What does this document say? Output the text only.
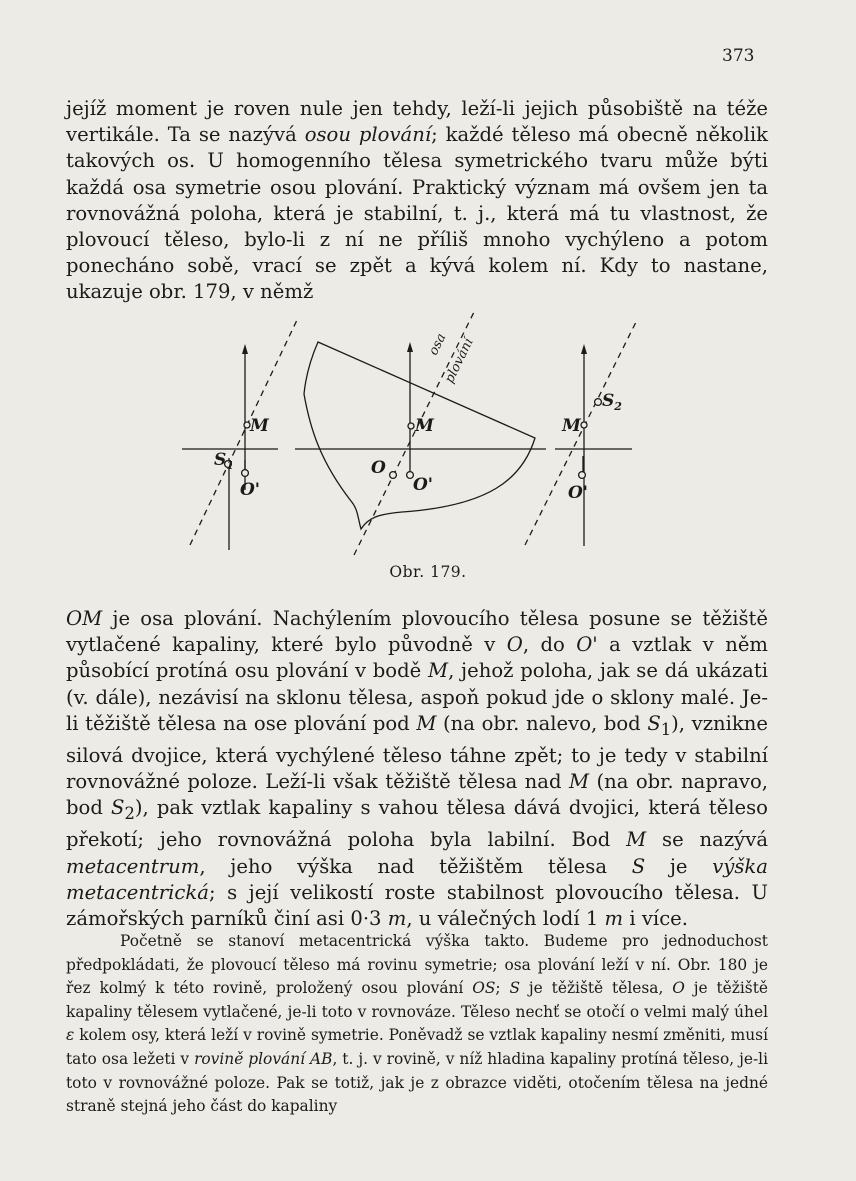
373

jejíž moment je roven nule jen tehdy, leží-li jejich působiště na téže vertikále. Ta se nazývá osou plování; každé těleso má obecně několik takových os. U homogenního tělesa symetrického tvaru může býti každá osa symetrie osou plování. Praktický význam má ovšem jen ta rovnovážná poloha, která je stabilní, t. j., která má tu vlastnost, že plovoucí těleso, bylo-li z ní ne příliš mnoho vychýleno a potom ponecháno sobě, vrací se zpět a kývá kolem ní. Kdy to nastane, ukazuje obr. 179, v němž

M
$S_1$
O'
M
O
O'
M
$S_2$
O'
osa
plování
Obr. 179.

OM je osa plování. Nachýlením plovoucího tělesa posune se těžiště vytlačené kapaliny, které bylo původně v O, do O' a vztlak v něm působící protíná osu plování v bodě M, jehož poloha, jak se dá ukázati (v. dále), nezávisí na sklonu tělesa, aspoň pokud jde o sklony malé. Je-li těžiště tělesa na ose plování pod M (na obr. nalevo, bod $S_1$), vznikne silová dvojice, která vychýlené těleso táhne zpět; to je tedy v stabilní rovnovážné poloze. Leží-li však těžiště tělesa nad M (na obr. napravo, bod $S_2$), pak vztlak kapaliny s vahou tělesa dává dvojici, která těleso překotí; jeho rovnovážná poloha byla labilní. Bod M se nazývá metacentrum, jeho výška nad těžištěm tělesa S je výška metacentrická; s její velikostí roste stabilnost plovoucího tělesa. U zámořských parníků činí asi 0·3 m, u válečných lodí 1 m i více.

Početně se stanoví metacentrická výška takto. Budeme pro jednoduchost předpokládati, že plovoucí těleso má rovinu symetrie; osa plování leží v ní. Obr. 180 je řez kolmý k této rovině, proložený osou plování OS; S je těžiště tělesa, O je těžiště kapaliny tělesem vytlačené, je-li toto v rovnováze. Těleso nechť se otočí o velmi malý úhel ε kolem osy, která leží v rovině symetrie. Poněvadž se vztlak kapaliny nesmí změniti, musí tato osa ležeti v rovině plování AB, t. j. v rovině, v níž hladina kapaliny protíná těleso, je-li toto v rovnovážné poloze. Pak se totiž, jak je z obrazce viděti, otočením tělesa na jedné straně stejná jeho část do kapaliny
